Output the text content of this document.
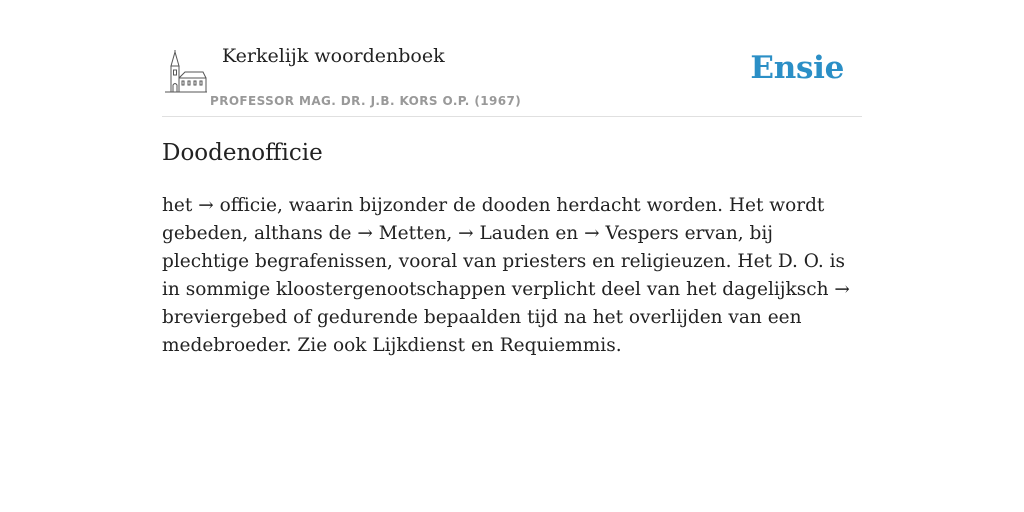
Kerkelijk woordenboek
PROFESSOR MAG. DR. J.B. KORS O.P. (1967)
Ensie
Doodenofficie

het → officie, waarin bijzonder de dooden herdacht worden. Het wordt gebeden, althans de → Metten, → Lauden en → Vespers ervan, bij plechtige begrafenissen, vooral van priesters en religieuzen. Het D. O. is in sommige kloostergenootschappen verplicht deel van het dagelijksch → breviergebed of gedurende bepaalden tijd na het overlijden van een medebroeder. Zie ook Lijkdienst en Requiemmis.
